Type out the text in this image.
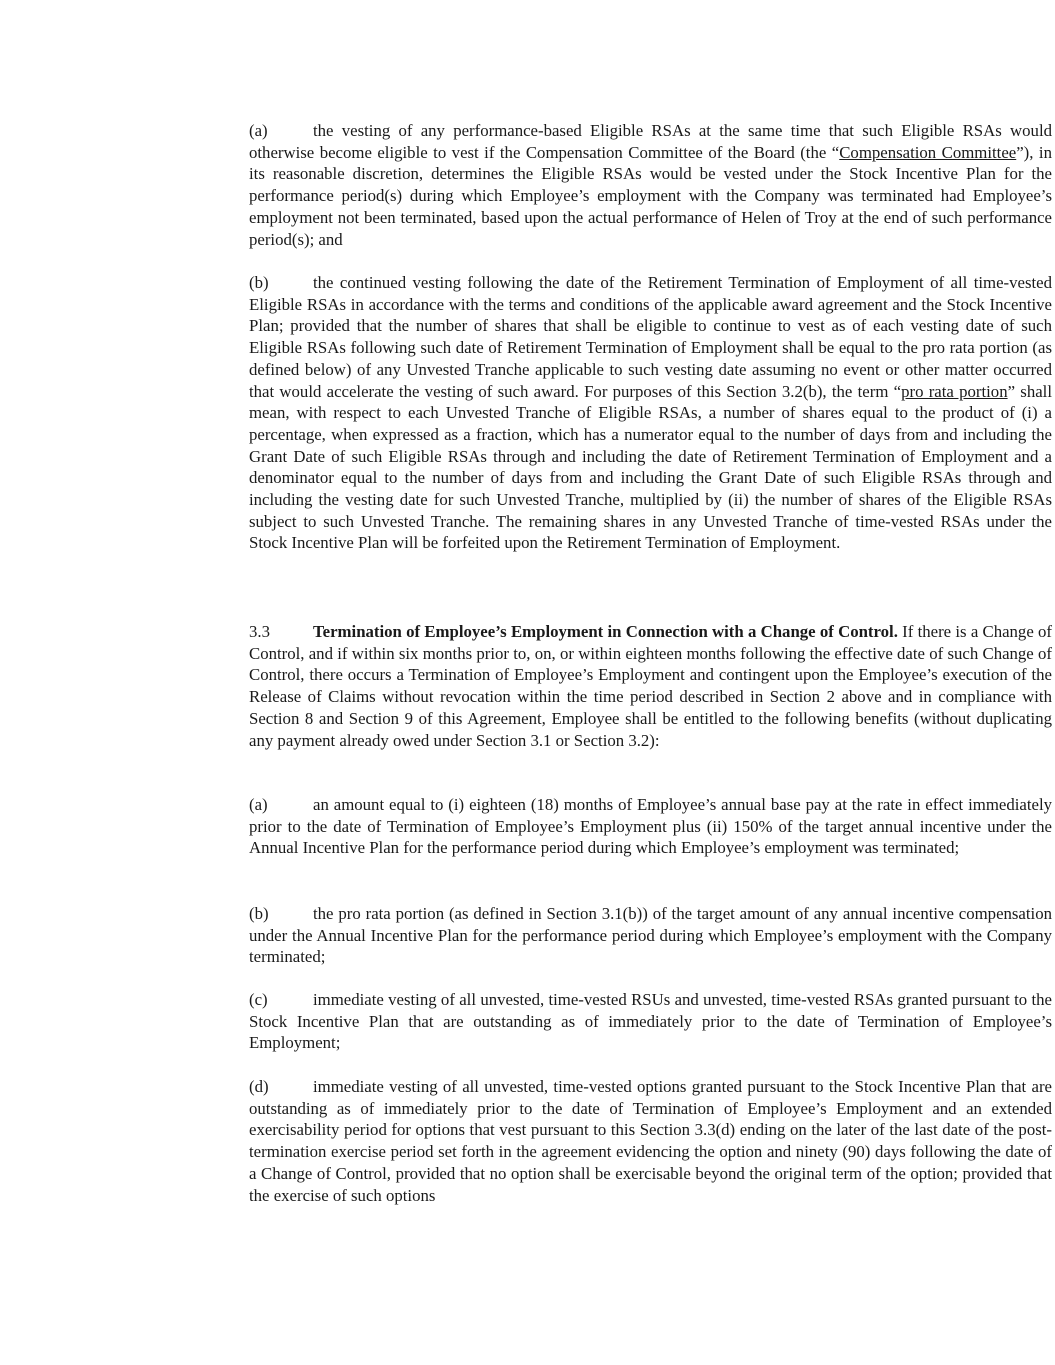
(a)	the vesting of any performance-based Eligible RSAs at the same time that such Eligible RSAs would otherwise become eligible to vest if the Compensation Committee of the Board (the “Compensation Committee”), in its reasonable discretion, determines the Eligible RSAs would be vested under the Stock Incentive Plan for the performance period(s) during which Employee’s employment with the Company was terminated had Employee’s employment not been terminated, based upon the actual performance of Helen of Troy at the end of such performance period(s); and

(b)	the continued vesting following the date of the Retirement Termination of Employment of all time-vested Eligible RSAs in accordance with the terms and conditions of the applicable award agreement and the Stock Incentive Plan; provided that the number of shares that shall be eligible to continue to vest as of each vesting date of such Eligible RSAs following such date of Retirement Termination of Employment shall be equal to the pro rata portion (as defined below) of any Unvested Tranche applicable to such vesting date assuming no event or other matter occurred that would accelerate the vesting of such award. For purposes of this Section 3.2(b), the term “pro rata portion” shall mean, with respect to each Unvested Tranche of Eligible RSAs, a number of shares equal to the product of (i) a percentage, when expressed as a fraction, which has a numerator equal to the number of days from and including the Grant Date of such Eligible RSAs through and including the date of Retirement Termination of Employment and a denominator equal to the number of days from and including the Grant Date of such Eligible RSAs through and including the vesting date for such Unvested Tranche, multiplied by (ii) the number of shares of the Eligible RSAs subject to such Unvested Tranche. The remaining shares in any Unvested Tranche of time-vested RSAs under the Stock Incentive Plan will be forfeited upon the Retirement Termination of Employment.

3.3	Termination of Employee’s Employment in Connection with a Change of Control. If there is a Change of Control, and if within six months prior to, on, or within eighteen months following the effective date of such Change of Control, there occurs a Termination of Employee’s Employment and contingent upon the Employee’s execution of the Release of Claims without revocation within the time period described in Section 2 above and in compliance with Section 8 and Section 9 of this Agreement, Employee shall be entitled to the following benefits (without duplicating any payment already owed under Section 3.1 or Section 3.2):

(a)	an amount equal to (i) eighteen (18) months of Employee’s annual base pay at the rate in effect immediately prior to the date of Termination of Employee’s Employment plus (ii) 150% of the target annual incentive under the Annual Incentive Plan for the performance period during which Employee’s employment was terminated;

(b)	the pro rata portion (as defined in Section 3.1(b)) of the target amount of any annual incentive compensation under the Annual Incentive Plan for the performance period during which Employee’s employment with the Company terminated;

(c)	immediate vesting of all unvested, time-vested RSUs and unvested, time-vested RSAs granted pursuant to the Stock Incentive Plan that are outstanding as of immediately prior to the date of Termination of Employee’s Employment;

(d)	immediate vesting of all unvested, time-vested options granted pursuant to the Stock Incentive Plan that are outstanding as of immediately prior to the date of Termination of Employee’s Employment and an extended exercisability period for options that vest pursuant to this Section 3.3(d) ending on the later of the last date of the post-termination exercise period set forth in the agreement evidencing the option and ninety (90) days following the date of a Change of Control, provided that no option shall be exercisable beyond the original term of the option; provided that the exercise of such options
